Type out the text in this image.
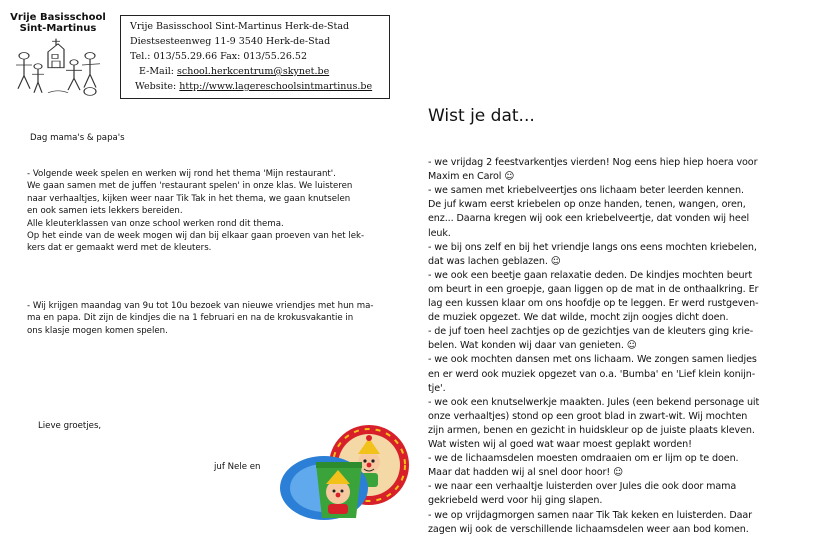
Vrije Basisschool
Sint-Martinus	Vrije Basisschool Sint-Martinus Herk-de-Stad
Diestsesteenweg 11-9 3540 Herk-de-Stad
Tel.: 013/55.29.66 Fax: 013/55.26.52
E-Mail: school.herkcentrum@skynet.be
Website: http://www.lagereschoolsintmartinus.be
Dag mama's & papa's
- Volgende week spelen en werken wij rond het thema 'Mijn restaurant'.
We gaan samen met de juffen 'restaurant spelen' in onze klas. We luisteren
naar verhaaltjes, kijken weer naar Tik Tak in het thema, we gaan knutselen
en ook samen iets lekkers bereiden.
Alle kleuterklassen van onze school werken rond dit thema.
Op het einde van de week mogen wij dan bij elkaar gaan proeven van het lek-
kers dat er gemaakt werd met de kleuters.
- Wij krijgen maandag van 9u tot 10u bezoek van nieuwe vriendjes met hun ma-
ma en papa. Dit zijn de kindjes die na 1 februari en na de krokusvakantie in
ons klasje mogen komen spelen.
Lieve groetjes,
juf Nele en
Wist je dat...
- we vrijdag 2 feestvarkentjes vierden! Nog eens hiep hiep hoera voor
Maxim en Carol ☺
- we samen met kriebelveertjes ons lichaam beter leerden kennen.
De juf kwam eerst kriebelen op onze handen, tenen, wangen, oren,
enz... Daarna kregen wij ook een kriebelveertje, dat vonden wij heel
leuk.
- we bij ons zelf en bij het vriendje langs ons eens mochten kriebelen,
dat was lachen geblazen. ☺
- we ook een beetje gaan relaxatie deden. De kindjes mochten beurt
om beurt in een groepje, gaan liggen op de mat in de onthaalkring. Er
lag een kussen klaar om ons hoofdje op te leggen. Er werd rustgeven-
de muziek opgezet. We dat wilde, mocht zijn oogjes dicht doen.
- de juf toen heel zachtjes op de gezichtjes van de kleuters ging krie-
belen. Wat konden wij daar van genieten. ☺
- we ook mochten dansen met ons lichaam. We zongen samen liedjes
en er werd ook muziek opgezet van o.a. 'Bumba' en 'Lief klein konijn-
tje'.
- we ook een knutselwerkje maakten. Jules (een bekend personage uit
onze verhaaltjes) stond op een groot blad in zwart-wit. Wij mochten
zijn armen, benen en gezicht in huidskleur op de juiste plaats kleven.
Wat wisten wij al goed wat waar moest geplakt worden!
- we de lichaamsdelen moesten omdraaien om er lijm op te doen.
Maar dat hadden wij al snel door hoor! ☺
- we naar een verhaaltje luisterden over Jules die ook door mama
gekriebeld werd voor hij ging slapen.
- we op vrijdagmorgen samen naar Tik Tak keken en luisterden. Daar
zagen wij ook de verschillende lichaamsdelen weer aan bod komen.
